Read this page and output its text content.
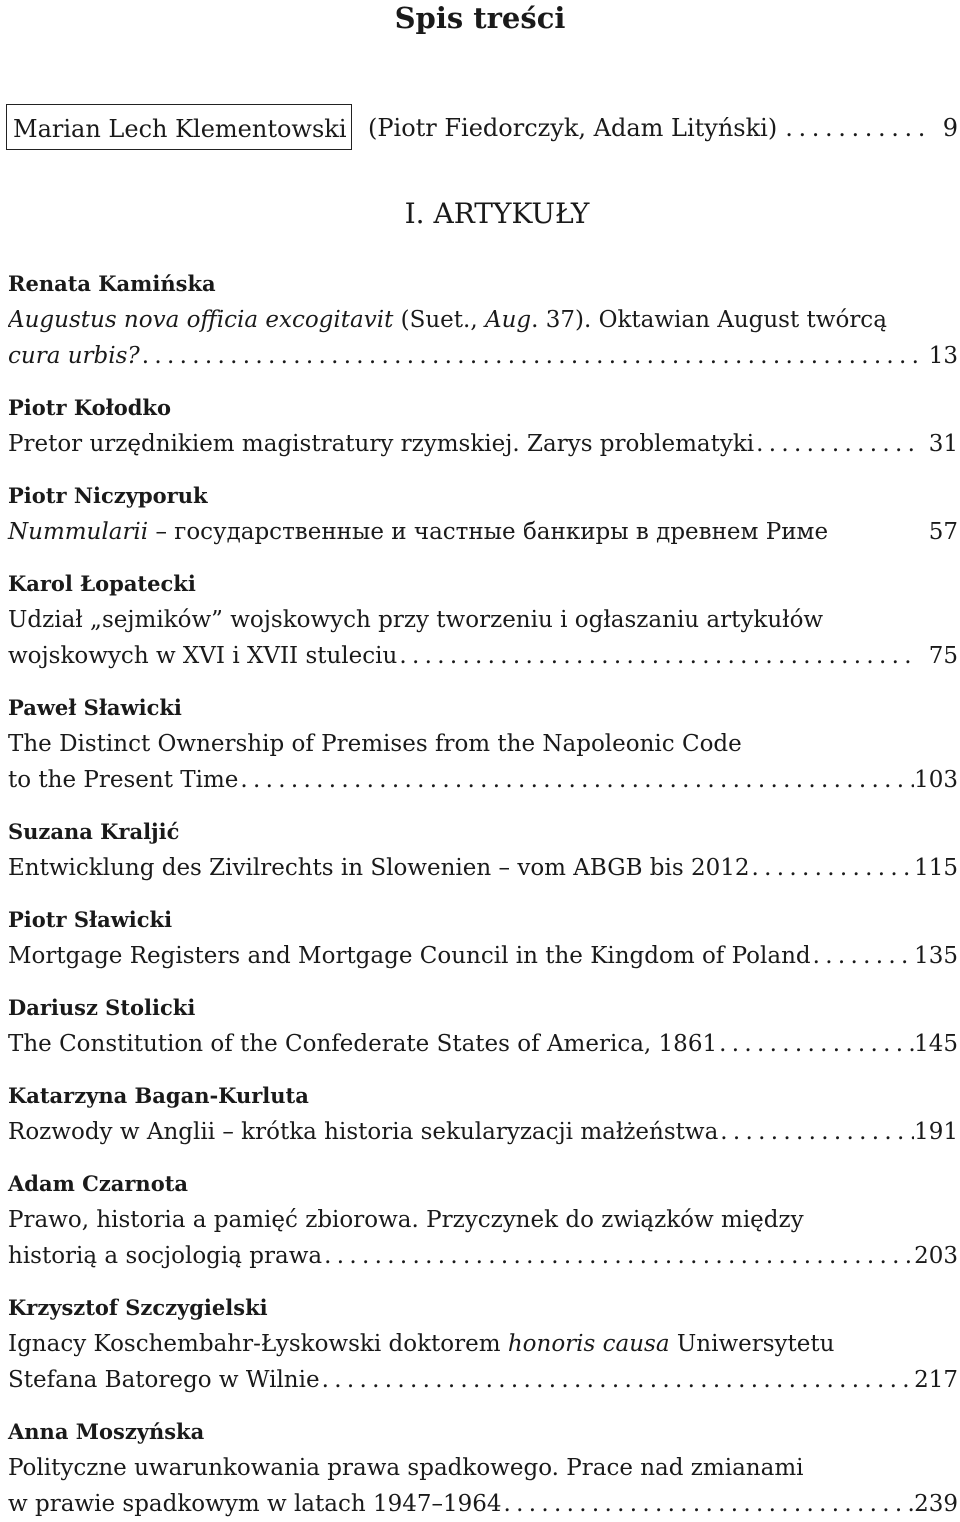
Spis treści
Marian Lech Klementowski (Piotr Fiedorczyk, Adam Lityński) . . .	9
I. ARTYKUŁY
Renata Kamińska
Augustus nova officia excogitavit (Suet., Aug. 37). Oktawian August twórcą
cura urbis? . . .	13
Piotr Kołodko
Pretor urzędnikiem magistratury rzymskiej. Zarys problematyki . . .	31
Piotr Niczyporuk
Nummularii – государственные и частные банкиры в древнем Риме	57
Karol Łopatecki
Udział „sejmików” wojskowych przy tworzeniu i ogłaszaniu artykułów
wojskowych w XVI i XVII stuleciu . . .	75
Paweł Sławicki
The Distinct Ownership of Premises from the Napoleonic Code
to the Present Time . . .	103
Suzana Kraljić
Entwicklung des Zivilrechts in Slowenien – vom ABGB bis 2012 . . .	115
Piotr Sławicki
Mortgage Registers and Mortgage Council in the Kingdom of Poland . . .	135
Dariusz Stolicki
The Constitution of the Confederate States of America, 1861 . . .	145
Katarzyna Bagan-Kurluta
Rozwody w Anglii – krótka historia sekularyzacji małżeństwa . . .	191
Adam Czarnota
Prawo, historia a pamięć zbiorowa. Przyczynek do związków między
historią a socjologią prawa . . .	203
Krzysztof Szczygielski
Ignacy Koschembahr-Łyskowski doktorem honoris causa Uniwersytetu
Stefana Batorego w Wilnie . . .	217
Anna Moszyńska
Polityczne uwarunkowania prawa spadkowego. Prace nad zmianami
w prawie spadkowym w latach 1947–1964 . . .	239
